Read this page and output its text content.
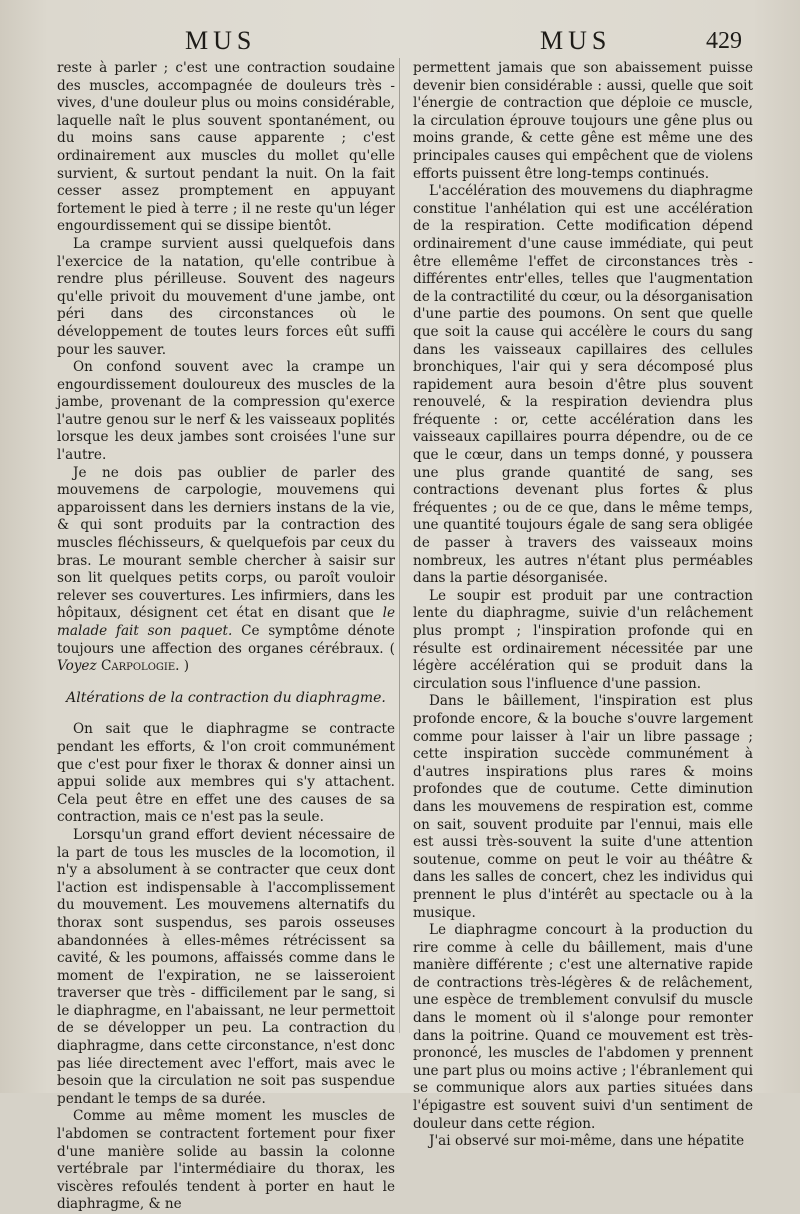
MUS	MUS	429

reste à parler ; c'est une contraction soudaine des muscles, accompagnée de douleurs très - vives, d'une douleur plus ou moins considérable, laquelle naît le plus souvent spontanément, ou du moins sans cause apparente ; c'est ordinairement aux muscles du mollet qu'elle survient, & surtout pendant la nuit. On la fait cesser assez promptement en appuyant fortement le pied à terre ; il ne reste qu'un léger engourdissement qui se dissipe bientôt.

La crampe survient aussi quelquefois dans l'exercice de la natation, qu'elle contribue à rendre plus périlleuse. Souvent des nageurs qu'elle privoit du mouvement d'une jambe, ont péri dans des circonstances où le développement de toutes leurs forces eût suffi pour les sauver.

On confond souvent avec la crampe un engourdissement douloureux des muscles de la jambe, provenant de la compression qu'exerce l'autre genou sur le nerf & les vaisseaux poplités lorsque les deux jambes sont croisées l'une sur l'autre.

Je ne dois pas oublier de parler des mouvemens de carpologie, mouvemens qui apparoissent dans les derniers instans de la vie, & qui sont produits par la contraction des muscles fléchisseurs, & quelquefois par ceux du bras. Le mourant semble chercher à saisir sur son lit quelques petits corps, ou paroît vouloir relever ses couvertures. Les infirmiers, dans les hôpitaux, désignent cet état en disant que le malade fait son paquet. Ce symptôme dénote toujours une affection des organes cérébraux. ( Voyez Carpologie. )

Altérations de la contraction du diaphragme.

On sait que le diaphragme se contracte pendant les efforts, & l'on croit communément que c'est pour fixer le thorax & donner ainsi un appui solide aux membres qui s'y attachent. Cela peut être en effet une des causes de sa contraction, mais ce n'est pas la seule.

Lorsqu'un grand effort devient nécessaire de la part de tous les muscles de la locomotion, il n'y a absolument à se contracter que ceux dont l'action est indispensable à l'accomplissement du mouvement. Les mouvemens alternatifs du thorax sont suspendus, ses parois osseuses abandonnées à elles-mêmes rétrécissent sa cavité, & les poumons, affaissés comme dans le moment de l'expiration, ne se laisseroient traverser que très - difficilement par le sang, si le diaphragme, en l'abaissant, ne leur permettoit de se développer un peu. La contraction du diaphragme, dans cette circonstance, n'est donc pas liée directement avec l'effort, mais avec le besoin que la circulation ne soit pas suspendue pendant le temps de sa durée.

Comme au même moment les muscles de l'abdomen se contractent fortement pour fixer d'une manière solide au bassin la colonne vertébrale par l'intermédiaire du thorax, les viscères refoulés tendent à porter en haut le diaphragme, & ne

permettent jamais que son abaissement puisse devenir bien considérable : aussi, quelle que soit l'énergie de contraction que déploie ce muscle, la circulation éprouve toujours une gêne plus ou moins grande, & cette gêne est même une des principales causes qui empêchent que de violens efforts puissent être long-temps continués.

L'accélération des mouvemens du diaphragme constitue l'anhélation qui est une accélération de la respiration. Cette modification dépend ordinairement d'une cause immédiate, qui peut être ellemême l'effet de circonstances très - différentes entr'elles, telles que l'augmentation de la contractilité du cœur, ou la désorganisation d'une partie des poumons. On sent que quelle que soit la cause qui accélère le cours du sang dans les vaisseaux capillaires des cellules bronchiques, l'air qui y sera décomposé plus rapidement aura besoin d'être plus souvent renouvelé, & la respiration deviendra plus fréquente : or, cette accélération dans les vaisseaux capillaires pourra dépendre, ou de ce que le cœur, dans un temps donné, y poussera une plus grande quantité de sang, ses contractions devenant plus fortes & plus fréquentes ; ou de ce que, dans le même temps, une quantité toujours égale de sang sera obligée de passer à travers des vaisseaux moins nombreux, les autres n'étant plus perméables dans la partie désorganisée.

Le soupir est produit par une contraction lente du diaphragme, suivie d'un relâchement plus prompt ; l'inspiration profonde qui en résulte est ordinairement nécessitée par une légère accélération qui se produit dans la circulation sous l'influence d'une passion.

Dans le bâillement, l'inspiration est plus profonde encore, & la bouche s'ouvre largement comme pour laisser à l'air un libre passage ; cette inspiration succède communément à d'autres inspirations plus rares & moins profondes que de coutume. Cette diminution dans les mouvemens de respiration est, comme on sait, souvent produite par l'ennui, mais elle est aussi très-souvent la suite d'une attention soutenue, comme on peut le voir au théâtre & dans les salles de concert, chez les individus qui prennent le plus d'intérêt au spectacle ou à la musique.

Le diaphragme concourt à la production du rire comme à celle du bâillement, mais d'une manière différente ; c'est une alternative rapide de contractions très-légères & de relâchement, une espèce de tremblement convulsif du muscle dans le moment où il s'alonge pour remonter dans la poitrine. Quand ce mouvement est très-prononcé, les muscles de l'abdomen y prennent une part plus ou moins active ; l'ébranlement qui se communique alors aux parties situées dans l'épigastre est souvent suivi d'un sentiment de douleur dans cette région.

J'ai observé sur moi-même, dans une hépatite
